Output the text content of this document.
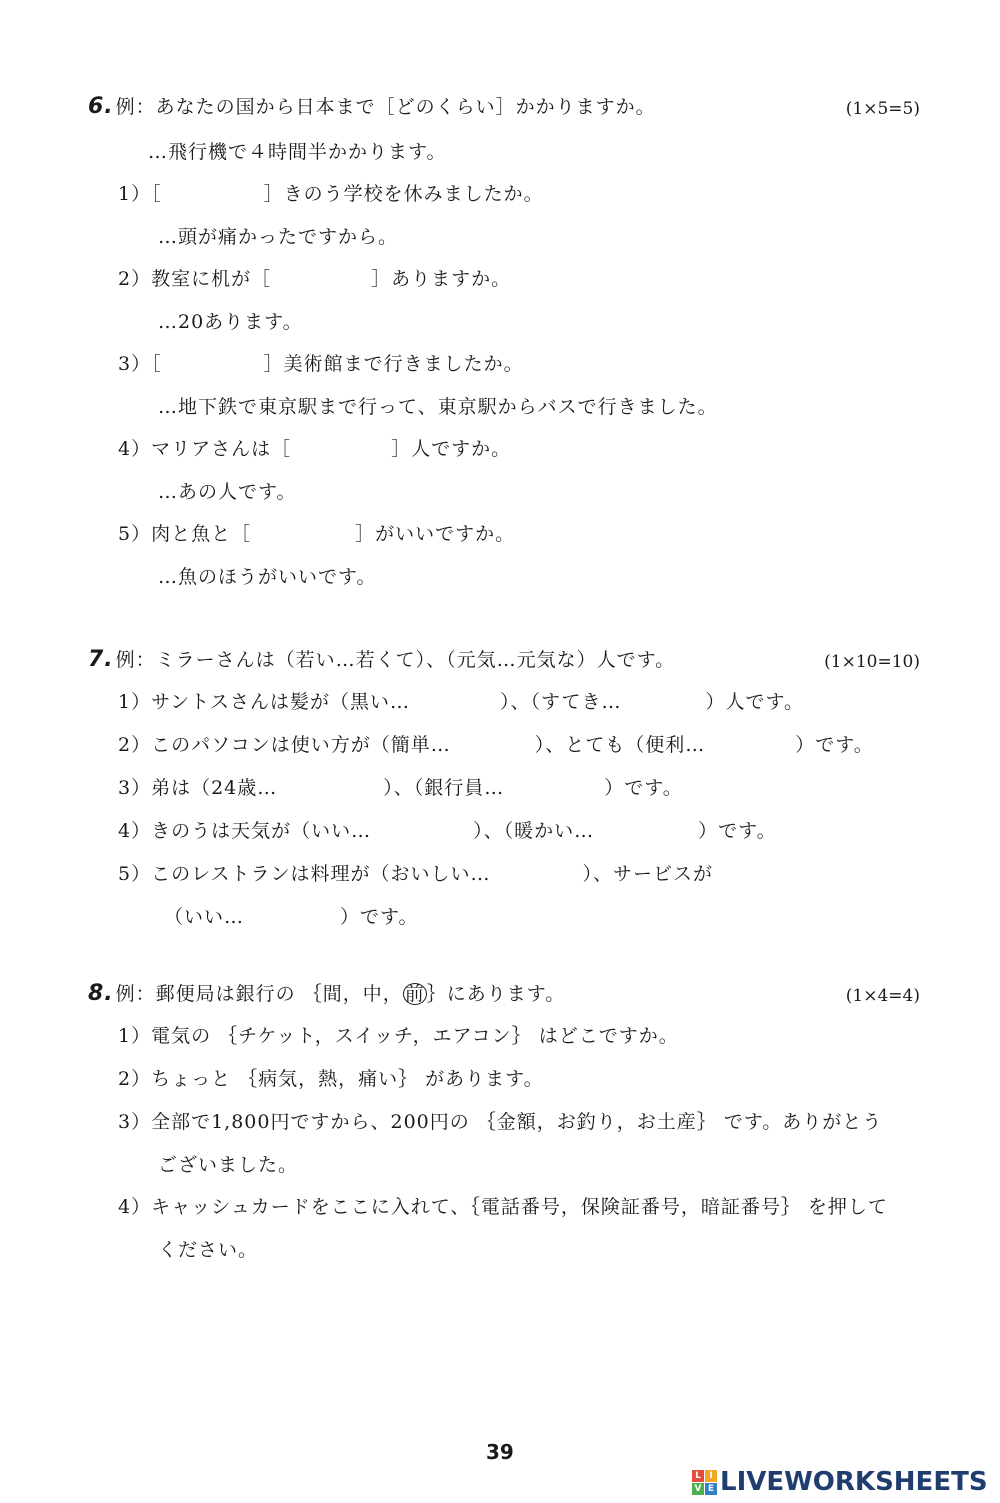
6. 例：あなたの国から日本まで［どのくらい］かかりますか。	(1×5=5)
…飛行機で４時間半かかります。
1）［	］きのう学校を休みましたか。
…頭が痛かったですから。
2）教室に机が［	］ありますか。
…20あります。
3）［	］美術館まで行きましたか。
…地下鉄で東京駅まで行って、東京駅からバスで行きました。
4）マリアさんは［	］人ですか。
…あの人です。
5）肉と魚と［	］がいいですか。
…魚のほうがいいです。
7. 例：ミラーさんは（若い…若くて）、（元気…元気な）人です。	(1×10=10)
1）サントスさんは髪が（黒い…	）、（すてき…	）人です。
2）このパソコンは使い方が（簡単…	）、とても（便利…	）です。
3）弟は（24歳…	）、（銀行員…	）です。
4）きのうは天気が（いい…	）、（暖かい…	）です。
5）このレストランは料理が（おいしい…	）、サービスが
（いい…	）です。
8. 例：郵便局は銀行の ｛間，中， 前 ｝にあります。	(1×4=4)
1）電気の ｛チケット，スイッチ，エアコン｝ はどこですか。
2）ちょっと ｛病気，熱，痛い｝ があります。
3）全部で1,800円ですから、200円の ｛金額，お釣り，お土産｝ です。ありがとう
ございました。
4）キャッシュカードをここに入れて、｛電話番号，保険証番号，暗証番号｝ を押して
ください。
39
L I
V E LIVEWORKSHEETS
